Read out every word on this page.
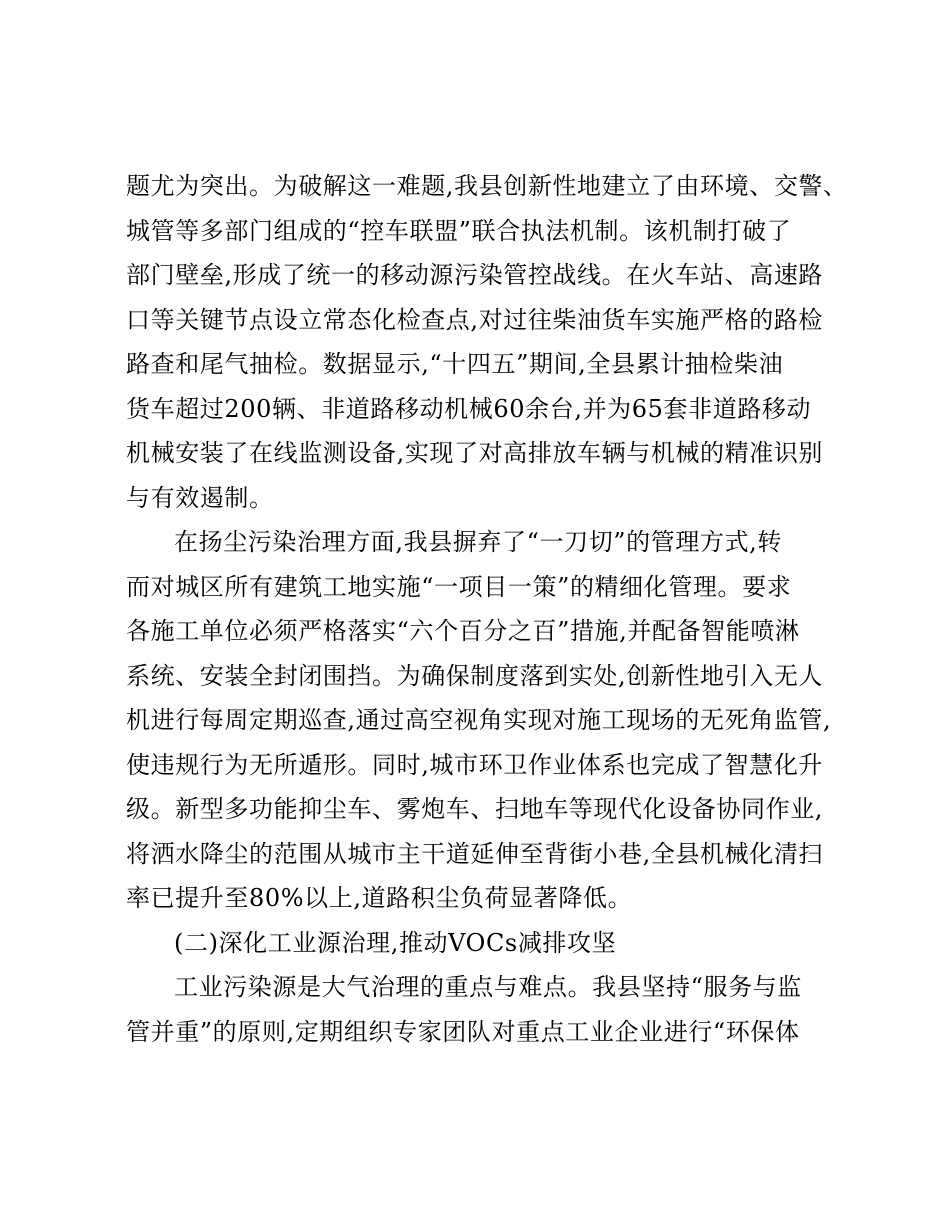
题尤为突出。为破解这一难题,我县创新性地建立了由环境、交警、
城管等多部门组成的“控车联盟”联合执法机制。该机制打破了
部门壁垒,形成了统一的移动源污染管控战线。在火车站、高速路
口等关键节点设立常态化检查点,对过往柴油货车实施严格的路检
路查和尾气抽检。数据显示,“十四五”期间,全县累计抽检柴油
货车超过200辆、非道路移动机械60余台,并为65套非道路移动
机械安装了在线监测设备,实现了对高排放车辆与机械的精准识别
与有效遏制。
在扬尘污染治理方面,我县摒弃了“一刀切”的管理方式,转
而对城区所有建筑工地实施“一项目一策”的精细化管理。要求
各施工单位必须严格落实“六个百分之百”措施,并配备智能喷淋
系统、安装全封闭围挡。为确保制度落到实处,创新性地引入无人
机进行每周定期巡查,通过高空视角实现对施工现场的无死角监管,
使违规行为无所遁形。同时,城市环卫作业体系也完成了智慧化升
级。新型多功能抑尘车、雾炮车、扫地车等现代化设备协同作业,
将洒水降尘的范围从城市主干道延伸至背街小巷,全县机械化清扫
率已提升至80%以上,道路积尘负荷显著降低。
(二)深化工业源治理,推动VOCs减排攻坚
工业污染源是大气治理的重点与难点。我县坚持“服务与监
管并重”的原则,定期组织专家团队对重点工业企业进行“环保体
